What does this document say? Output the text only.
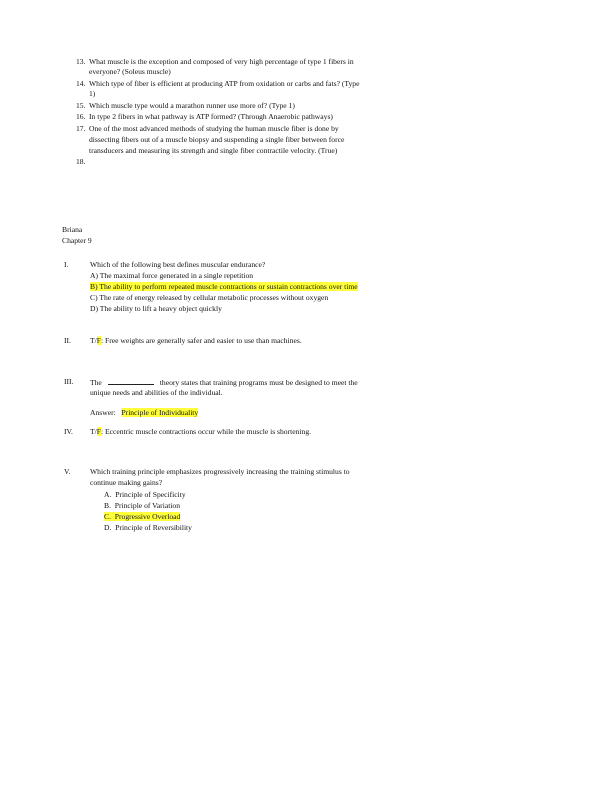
13. What muscle is the exception and composed of very high percentage of type 1 fibers in
everyone? (Soleus muscle)
14. Which type of fiber is efficient at producing ATP from oxidation or carbs and fats? (Type
1)
15. Which muscle type would a marathon runner use more of? (Type 1)
16. In type 2 fibers in what pathway is ATP formed? (Through Anaerobic pathways)
17. One of the most advanced methods of studying the human muscle fiber is done by
dissecting fibers out of a muscle biopsy and suspending a single fiber between force
transducers and measuring its strength and single fiber contractile velocity. (True)
18.
Briana
Chapter 9
I.	Which of the following best defines muscular endurance?
A) The maximal force generated in a single repetition
B) The ability to perform repeated muscle contractions or sustain contractions over time
C) The rate of energy released by cellular metabolic processes without oxygen
D) The ability to lift a heavy object quickly
II.	T/F: Free weights are generally safer and easier to use than machines.
III.	The	theory states that training programs must be designed to meet the
unique needs and abilities of the individual.
Answer: Principle of Individuality
IV.	T/F: Eccentric muscle contractions occur while the muscle is shortening.
V.	Which training principle emphasizes progressively increasing the training stimulus to
continue making gains?
A. Principle of Specificity
B. Principle of Variation
C. Progressive Overload
D. Principle of Reversibility
